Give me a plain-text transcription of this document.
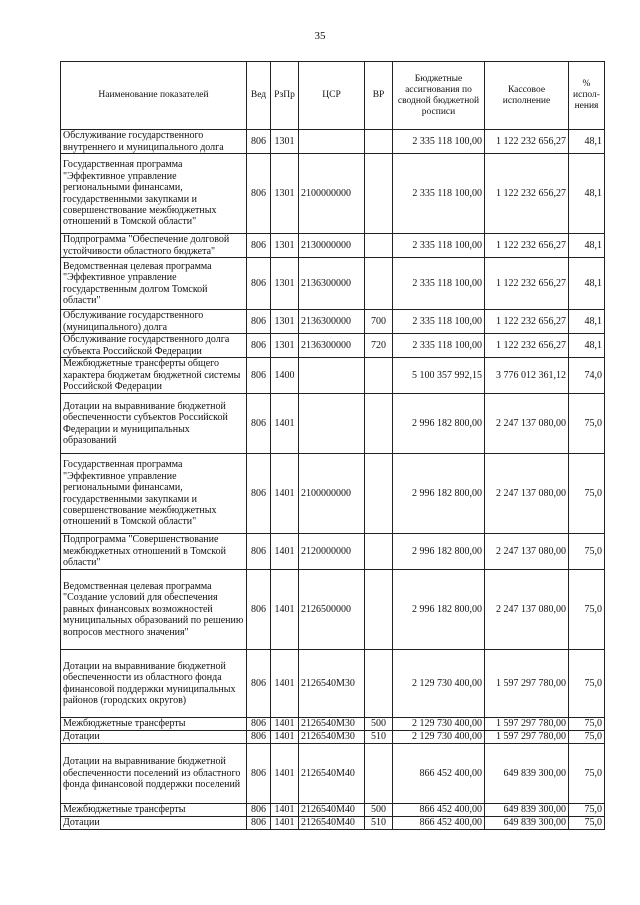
35
Наименование показателей	Вед	РзПр	ЦСР	ВР	Бюджетные ассигнования по сводной бюджетной росписи	Кассовое исполнение	% испол-нения
Обслуживание государственного внутреннего и муниципального долга	806	1301			2 335 118 100,00	1 122 232 656,27	48,1
Государственная программа "Эффективное управление региональными финансами, государственными закупками и совершенствование межбюджетных отношений в Томской области"	806	1301	2100000000		2 335 118 100,00	1 122 232 656,27	48,1
Подпрограмма "Обеспечение долговой устойчивости областного бюджета"	806	1301	2130000000		2 335 118 100,00	1 122 232 656,27	48,1
Ведомственная целевая программа "Эффективное управление государственным долгом Томской области"	806	1301	2136300000		2 335 118 100,00	1 122 232 656,27	48,1
Обслуживание государственного (муниципального) долга	806	1301	2136300000	700	2 335 118 100,00	1 122 232 656,27	48,1
Обслуживание государственного долга субъекта Российской Федерации	806	1301	2136300000	720	2 335 118 100,00	1 122 232 656,27	48,1
Межбюджетные трансферты общего характера бюджетам бюджетной системы Российской Федерации	806	1400			5 100 357 992,15	3 776 012 361,12	74,0
Дотации на выравнивание бюджетной обеспеченности субъектов Российской Федерации и муниципальных образований	806	1401			2 996 182 800,00	2 247 137 080,00	75,0
Государственная программа "Эффективное управление региональными финансами, государственными закупками и совершенствование межбюджетных отношений в Томской области"	806	1401	2100000000		2 996 182 800,00	2 247 137 080,00	75,0
Подпрограмма "Совершенствование межбюджетных отношений в Томской области"	806	1401	2120000000		2 996 182 800,00	2 247 137 080,00	75,0
Ведомственная целевая программа "Создание условий для обеспечения равных финансовых возможностей муниципальных образований по решению вопросов местного значения"	806	1401	2126500000		2 996 182 800,00	2 247 137 080,00	75,0
Дотации на выравнивание бюджетной обеспеченности из областного фонда финансовой поддержки муниципальных районов (городских округов)	806	1401	2126540М30		2 129 730 400,00	1 597 297 780,00	75,0
Межбюджетные трансферты	806	1401	2126540М30	500	2 129 730 400,00	1 597 297 780,00	75,0
Дотации	806	1401	2126540М30	510	2 129 730 400,00	1 597 297 780,00	75,0
Дотации на выравнивание бюджетной обеспеченности поселений из областного фонда финансовой поддержки поселений	806	1401	2126540М40		866 452 400,00	649 839 300,00	75,0
Межбюджетные трансферты	806	1401	2126540М40	500	866 452 400,00	649 839 300,00	75,0
Дотации	806	1401	2126540М40	510	866 452 400,00	649 839 300,00	75,0
